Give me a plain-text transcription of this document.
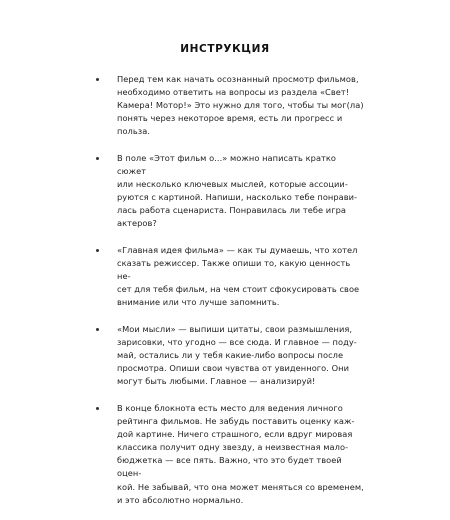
ИНСТРУКЦИЯ
Перед тем как начать осознанный просмотр фильмов,
необходимо ответить на вопросы из раздела «Свет!
Камера! Мотор!» Это нужно для того, чтобы ты мог(ла)
понять через некоторое время, есть ли прогресс и
польза.
В поле «Этот фильм о...» можно написать кратко сюжет
или несколько ключевых мыслей, которые ассоции-
руются с картиной. Напиши, насколько тебе понрави-
лась работа сценариста. Понравилась ли тебе игра
актеров?
«Главная идея фильма» — как ты думаешь, что хотел
сказать режиссер. Также опиши то, какую ценность не-
сет для тебя фильм, на чем стоит сфокусировать свое
внимание или что лучше запомнить.
«Мои мысли» — выпиши цитаты, свои размышления,
зарисовки, что угодно — все сюда. И главное — поду-
май, остались ли у тебя какие-либо вопросы после
просмотра. Опиши свои чувства от увиденного. Они
могут быть любыми. Главное — анализируй!
В конце блокнота есть место для ведения личного
рейтинга фильмов. Не забудь поставить оценку каж-
дой картине. Ничего страшного, если вдруг мировая
классика получит одну звезду, а неизвестная мало-
бюджетка — все пять. Важно, что это будет твоей оцен-
кой. Не забывай, что она может меняться со временем,
и это абсолютно нормально.
